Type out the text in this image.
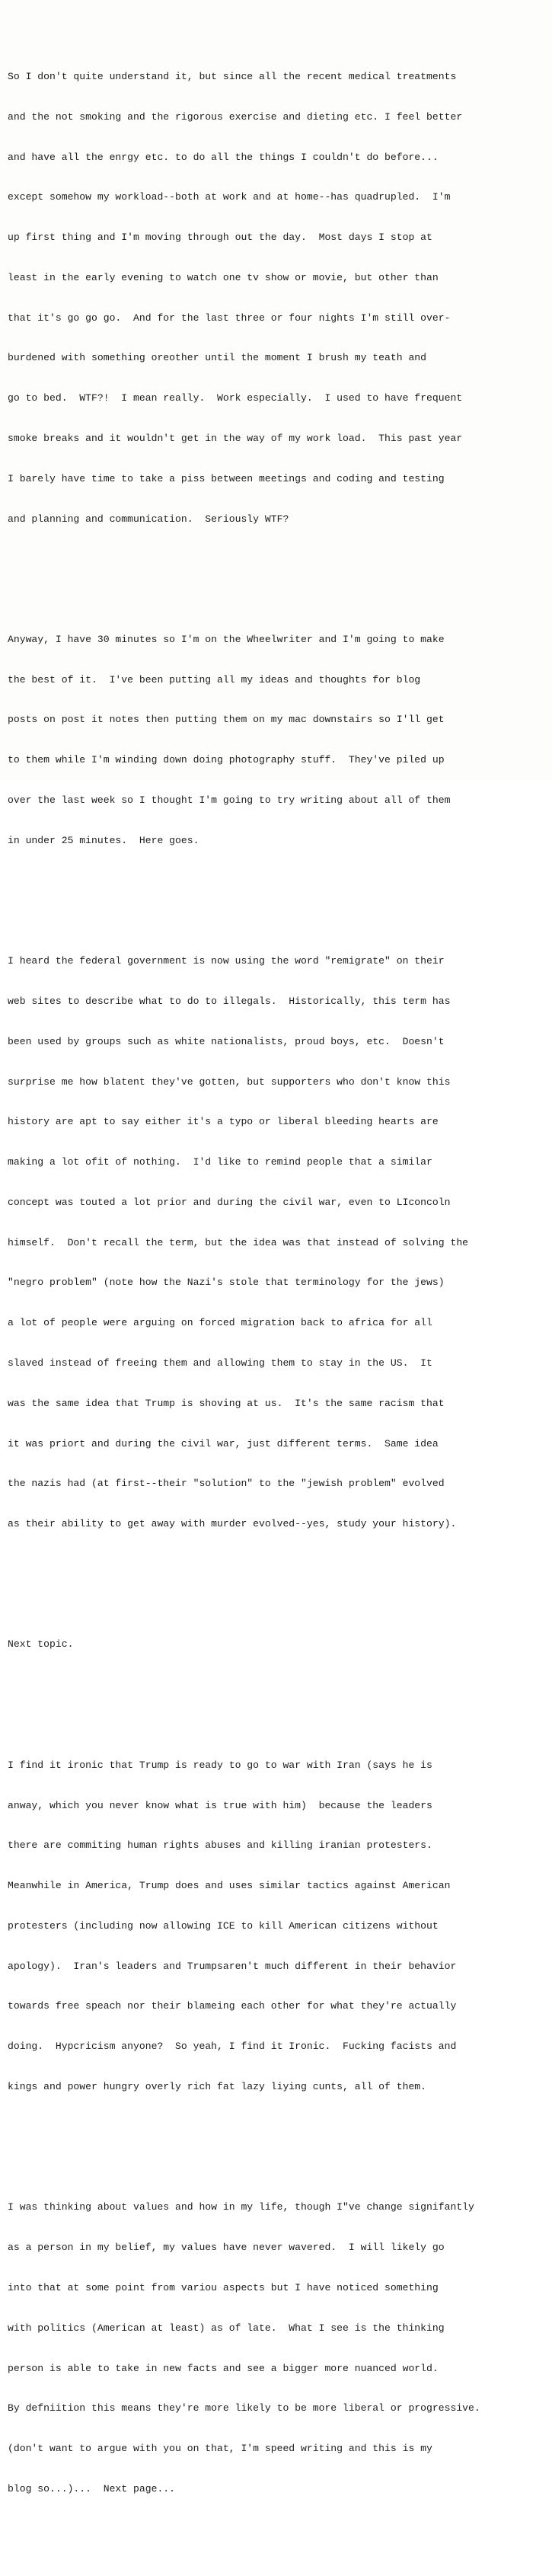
So I don't quite understand it, but since all the recent medical treatments

and the not smoking and the rigorous exercise and dieting etc. I feel better

and have all the enrgy etc. to do all the things I couldn't do before...

except somehow my workload--both at work and at home--has quadrupled.  I'm

up first thing and I'm moving through out the day.  Most days I stop at

least in the early evening to watch one tv show or movie, but other than

that it's go go go.  And for the last three or four nights I'm still over-

burdened with something oreother until the moment I brush my teath and

go to bed.  WTF?!  I mean really.  Work especially.  I used to have frequent

smoke breaks and it wouldn't get in the way of my work load.  This past year

I barely have time to take a piss between meetings and coding and testing

and planning and communication.  Seriously WTF?

Anyway, I have 30 minutes so I'm on the Wheelwriter and I'm going to make

the best of it.  I've been putting all my ideas and thoughts for blog

posts on post it notes then putting them on my mac downstairs so I'll get

to them while I'm winding down doing photography stuff.  They've piled up

over the last week so I thought I'm going to try writing about all of them

in under 25 minutes.  Here goes.

I heard the federal government is now using the word "remigrate" on their

web sites to describe what to do to illegals.  Historically, this term has

been used by groups such as white nationalists, proud boys, etc.  Doesn't

surprise me how blatent they've gotten, but supporters who don't know this

history are apt to say either it's a typo or liberal bleeding hearts are

making a lot ofit of nothing.  I'd like to remind people that a similar

concept was touted a lot prior and during the civil war, even to LIconcoln

himself.  Don't recall the term, but the idea was that instead of solving the

"negro problem" (note how the Nazi's stole that terminology for the jews)

a lot of people were arguing on forced migration back to africa for all

slaved instead of freeing them and allowing them to stay in the US.  It

was the same idea that Trump is shoving at us.  It's the same racism that

it was priort and during the civil war, just different terms.  Same idea

the nazis had (at first--their "solution" to the "jewish problem" evolved

as their ability to get away with murder evolved--yes, study your history).

Next topic.

I find it ironic that Trump is ready to go to war with Iran (says he is

anway, which you never know what is true with him)  because the leaders

there are commiting human rights abuses and killing iranian protesters.

Meanwhile in America, Trump does and uses similar tactics against American

protesters (including now allowing ICE to kill American citizens without

apology).  Iran's leaders and Trumpsaren't much different in their behavior

towards free speach nor their blameing each other for what they're actually

doing.  Hypcricism anyone?  So yeah, I find it Ironic.  Fucking facists and

kings and power hungry overly rich fat lazy liying cunts, all of them.

I was thinking about values and how in my life, though I"ve change signifantly

as a person in my belief, my values have never wavered.  I will likely go

into that at some point from variou aspects but I have noticed something

with politics (American at least) as of late.  What I see is the thinking

person is able to take in new facts and see a bigger more nuanced world.

By defniition this means they're more likely to be more liberal or progressive.

(don't want to argue with you on that, I'm speed writing and this is my

blog so...)...  Next page...
